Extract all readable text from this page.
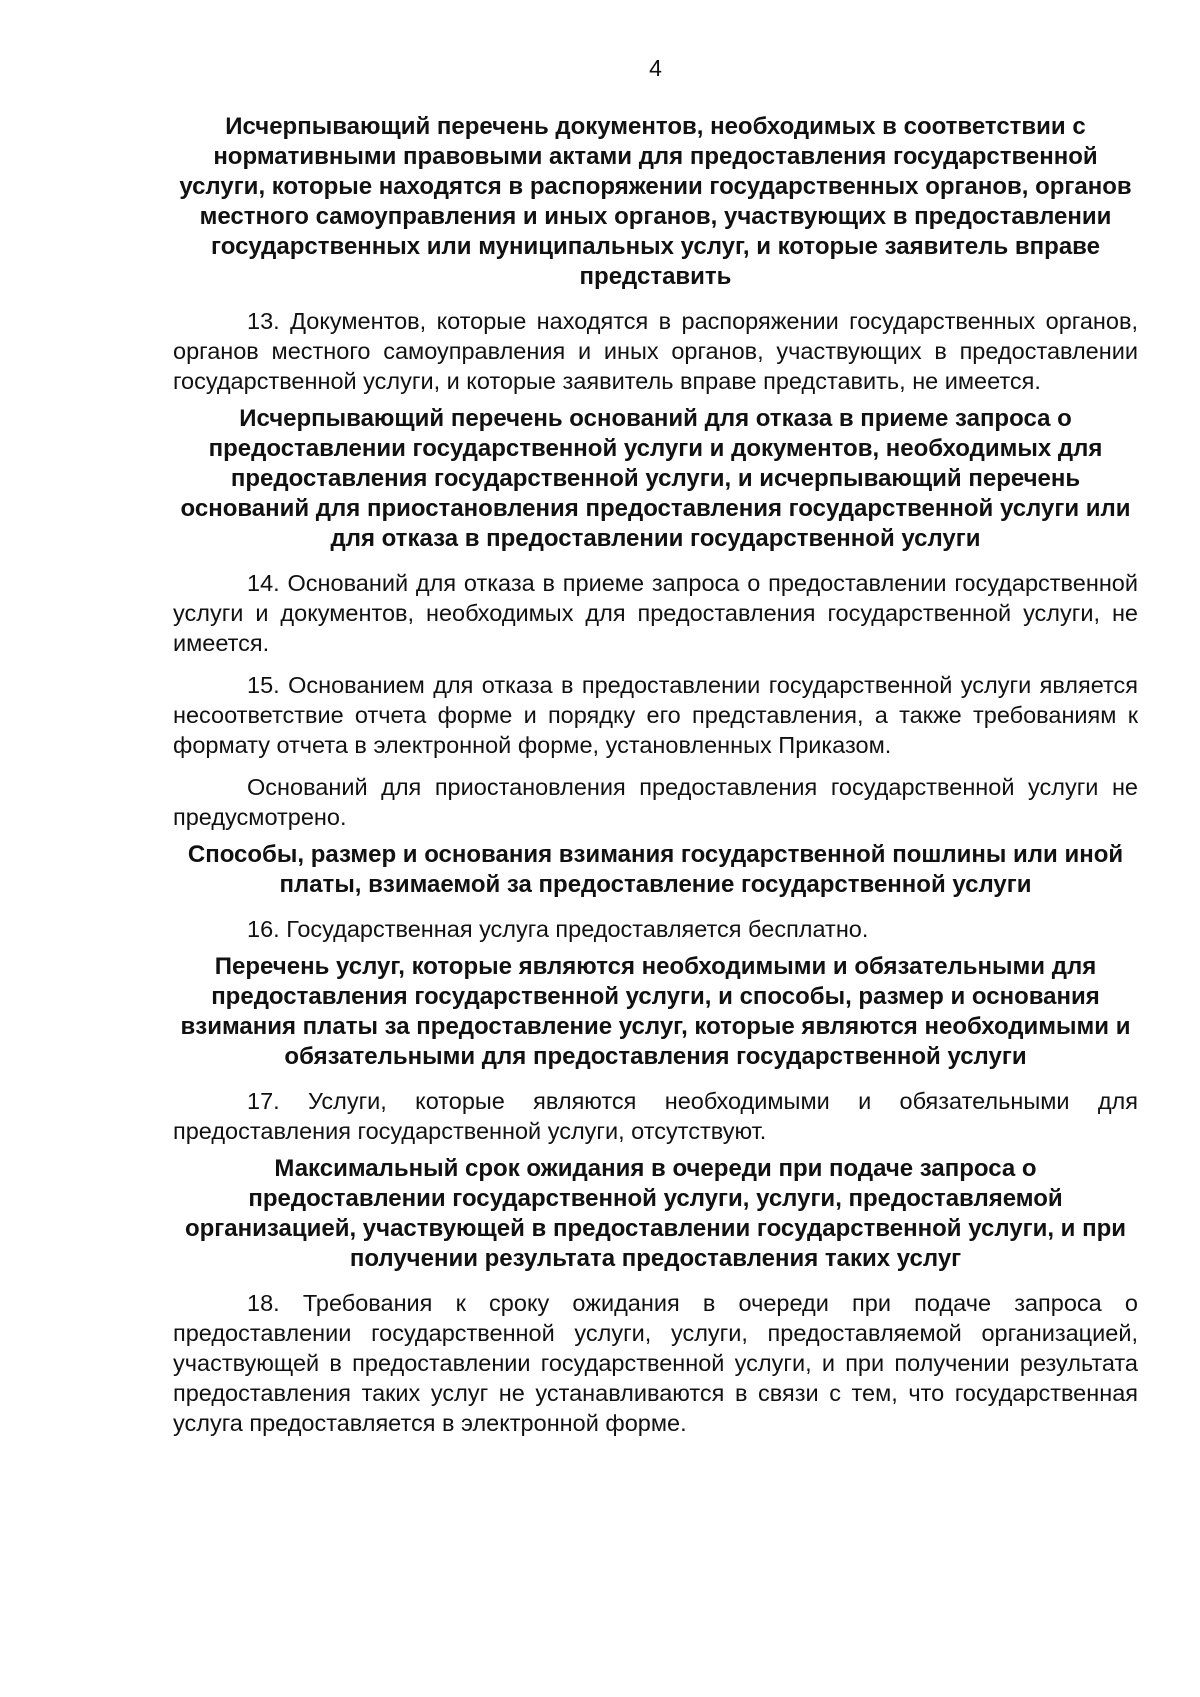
4

Исчерпывающий перечень документов, необходимых в соответствии с нормативными правовыми актами для предоставления государственной услуги, которые находятся в распоряжении государственных органов, органов местного самоуправления и иных органов, участвующих в предоставлении государственных или муниципальных услуг, и которые заявитель вправе представить

13. Документов, которые находятся в распоряжении государственных органов, органов местного самоуправления и иных органов, участвующих в предоставлении государственной услуги, и которые заявитель вправе представить, не имеется.

Исчерпывающий перечень оснований для отказа в приеме запроса о предоставлении государственной услуги и документов, необходимых для предоставления государственной услуги, и исчерпывающий перечень оснований для приостановления предоставления государственной услуги или для отказа в предоставлении государственной услуги

14. Оснований для отказа в приеме запроса о предоставлении государственной услуги и документов, необходимых для предоставления государственной услуги, не имеется.

15. Основанием для отказа в предоставлении государственной услуги является несоответствие отчета форме и порядку его представления, а также требованиям к формату отчета в электронной форме, установленных Приказом.

Оснований для приостановления предоставления государственной услуги не предусмотрено.

Способы, размер и основания взимания государственной пошлины или иной платы, взимаемой за предоставление государственной услуги

16. Государственная услуга предоставляется бесплатно.

Перечень услуг, которые являются необходимыми и обязательными для предоставления государственной услуги, и способы, размер и основания взимания платы за предоставление услуг, которые являются необходимыми и обязательными для предоставления государственной услуги

17. Услуги, которые являются необходимыми и обязательными для предоставления государственной услуги, отсутствуют.

Максимальный срок ожидания в очереди при подаче запроса о предоставлении государственной услуги, услуги, предоставляемой организацией, участвующей в предоставлении государственной услуги, и при получении результата предоставления таких услуг

18. Требования к сроку ожидания в очереди при подаче запроса о предоставлении государственной услуги, услуги, предоставляемой организацией, участвующей в предоставлении государственной услуги, и при получении результата предоставления таких услуг не устанавливаются в связи с тем, что государственная услуга предоставляется в электронной форме.
